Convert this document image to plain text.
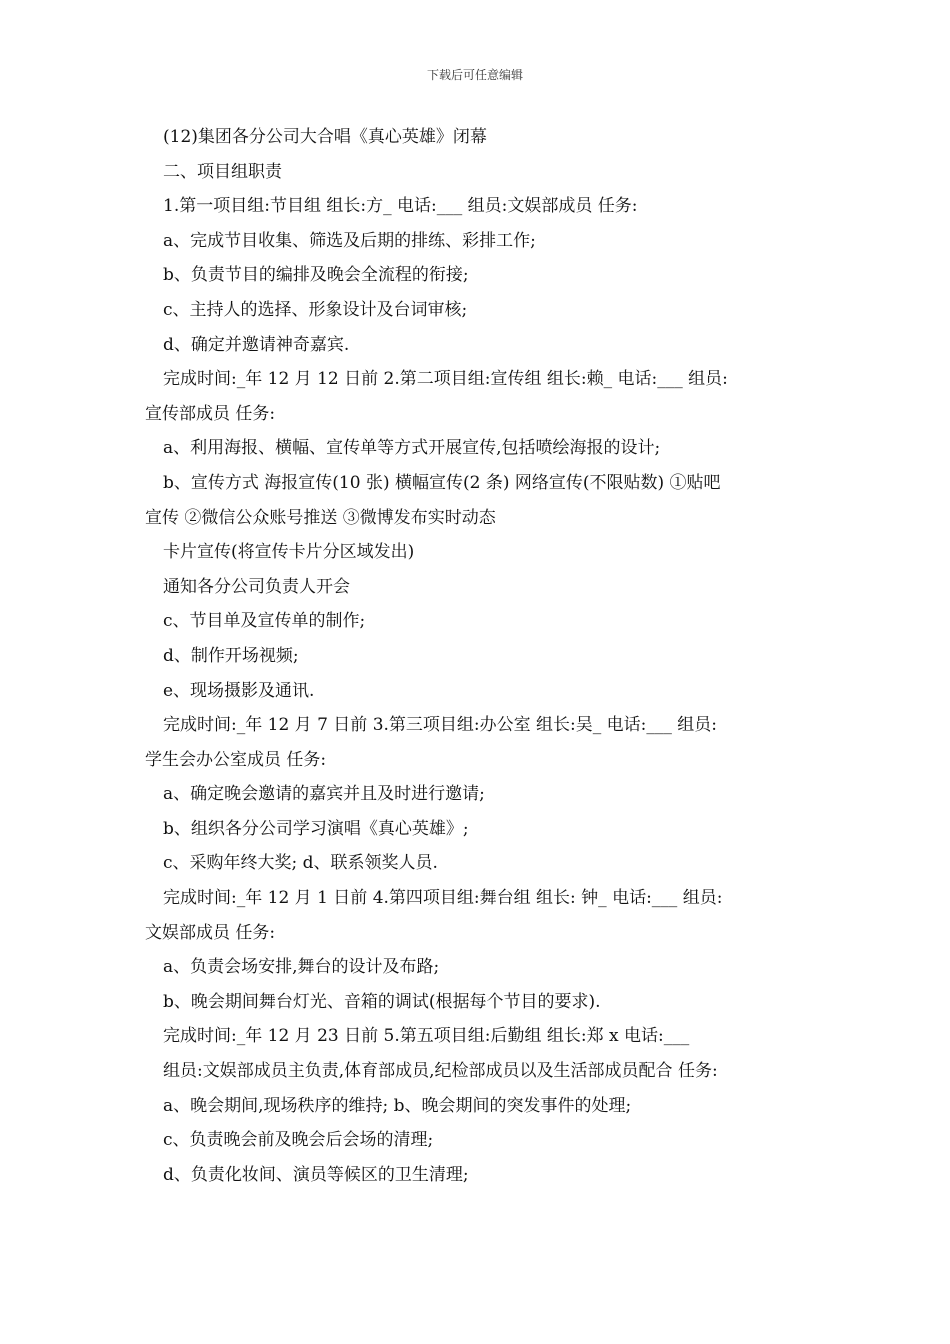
下载后可任意编辑
(12)集团各分公司大合唱《真心英雄》闭幕
二、项目组职责
1.第一项目组:节目组 组长:方_ 电话:___ 组员:文娱部成员 任务:
a、完成节目收集、筛选及后期的排练、彩排工作;
b、负责节目的编排及晚会全流程的衔接;
c、主持人的选择、形象设计及台词审核;
d、确定并邀请神奇嘉宾.
完成时间:_年 12 月 12 日前 2.第二项目组:宣传组 组长:赖_ 电话:___ 组员:
宣传部成员 任务:
a、利用海报、横幅、宣传单等方式开展宣传,包括喷绘海报的设计;
b、宣传方式 海报宣传(10 张) 横幅宣传(2 条) 网络宣传(不限贴数) ①贴吧
宣传 ②微信公众账号推送 ③微博发布实时动态
卡片宣传(将宣传卡片分区域发出)
通知各分公司负责人开会
c、节目单及宣传单的制作;
d、制作开场视频;
e、现场摄影及通讯.
完成时间:_年 12 月 7 日前 3.第三项目组:办公室 组长:吴_ 电话:___ 组员:
学生会办公室成员 任务:
a、确定晚会邀请的嘉宾并且及时进行邀请;
b、组织各分公司学习演唱《真心英雄》;
c、采购年终大奖; d、联系领奖人员.
完成时间:_年 12 月 1 日前 4.第四项目组:舞台组 组长: 钟_ 电话:___ 组员:
文娱部成员 任务:
a、负责会场安排,舞台的设计及布路;
b、晚会期间舞台灯光、音箱的调试(根据每个节目的要求).
完成时间:_年 12 月 23 日前 5.第五项目组:后勤组 组长:郑 x 电话:___
组员:文娱部成员主负责,体育部成员,纪检部成员以及生活部成员配合 任务:
a、晚会期间,现场秩序的维持; b、晚会期间的突发事件的处理;
c、负责晚会前及晚会后会场的清理;
d、负责化妆间、演员等候区的卫生清理;
